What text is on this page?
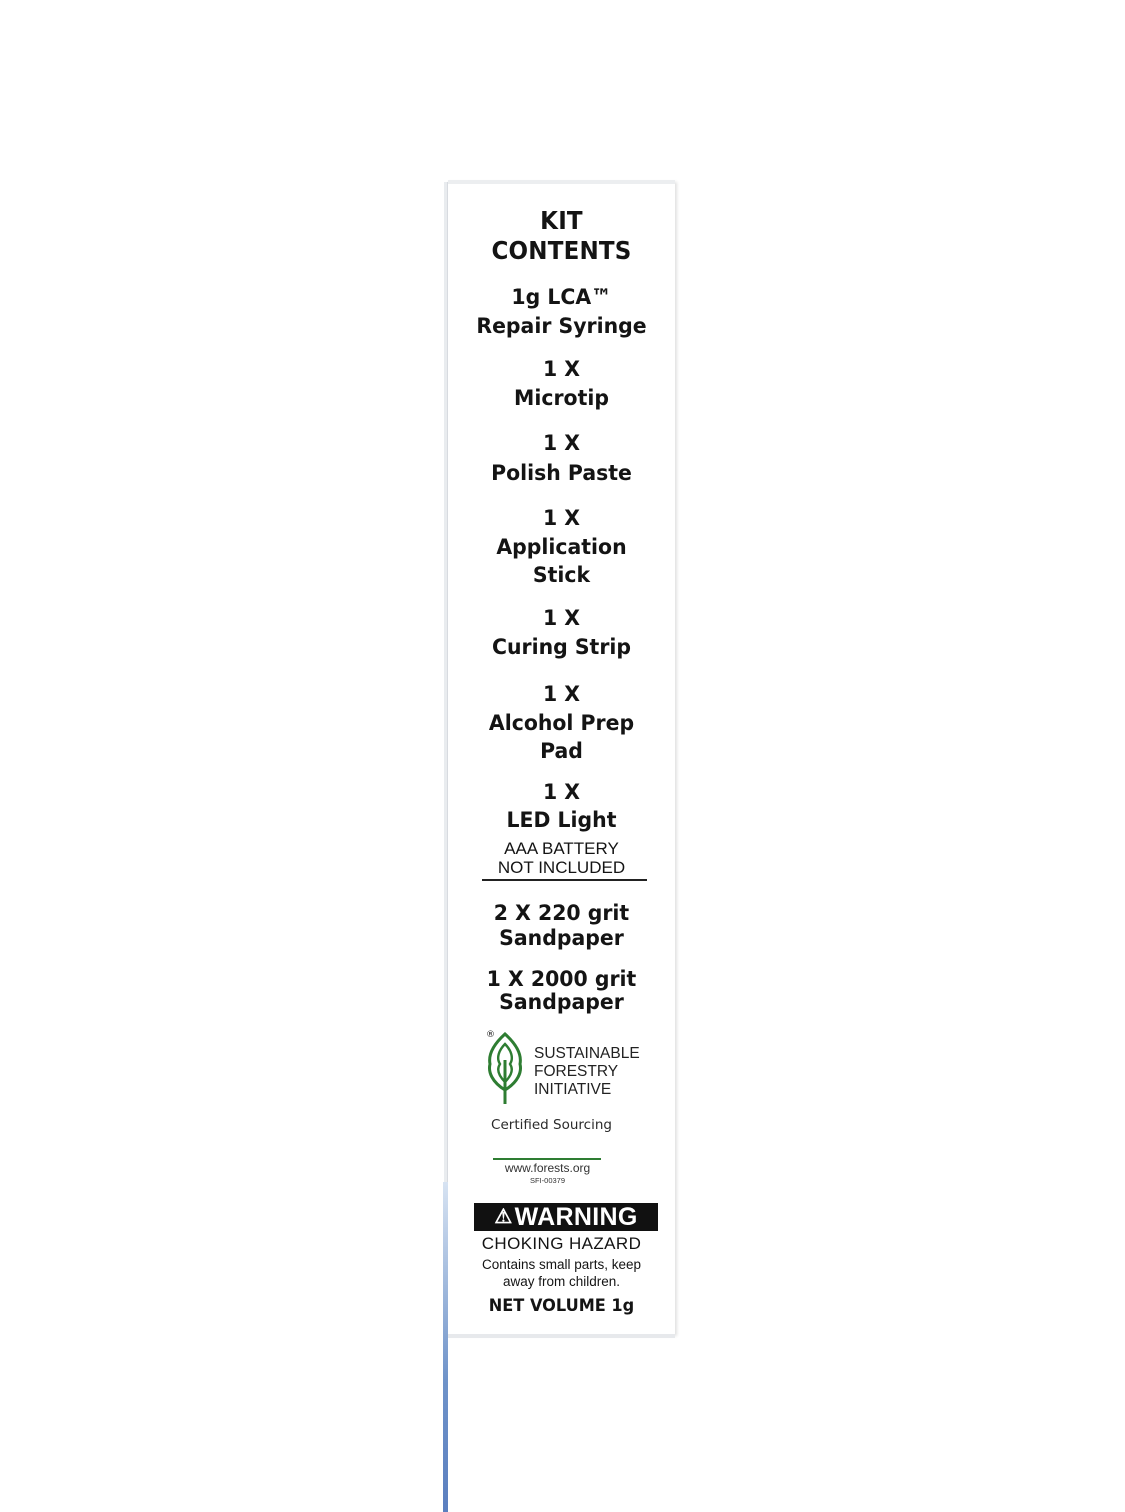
KIT
CONTENTS
1g LCA™
Repair Syringe
1 X
Microtip
1 X
Polish Paste
1 X
Application
Stick
1 X
Curing Strip
1 X
Alcohol Prep
Pad
1 X
LED Light
AAA BATTERY
NOT INCLUDED
2 X 220 grit
Sandpaper
1 X 2000 grit
Sandpaper
®
SUSTAINABLE
FORESTRY
INITIATIVE
Certified Sourcing
www.forests.org
SFI-00379
⚠WARNING
CHOKING HAZARD
Contains small parts, keep
away from children.
NET VOLUME 1g
